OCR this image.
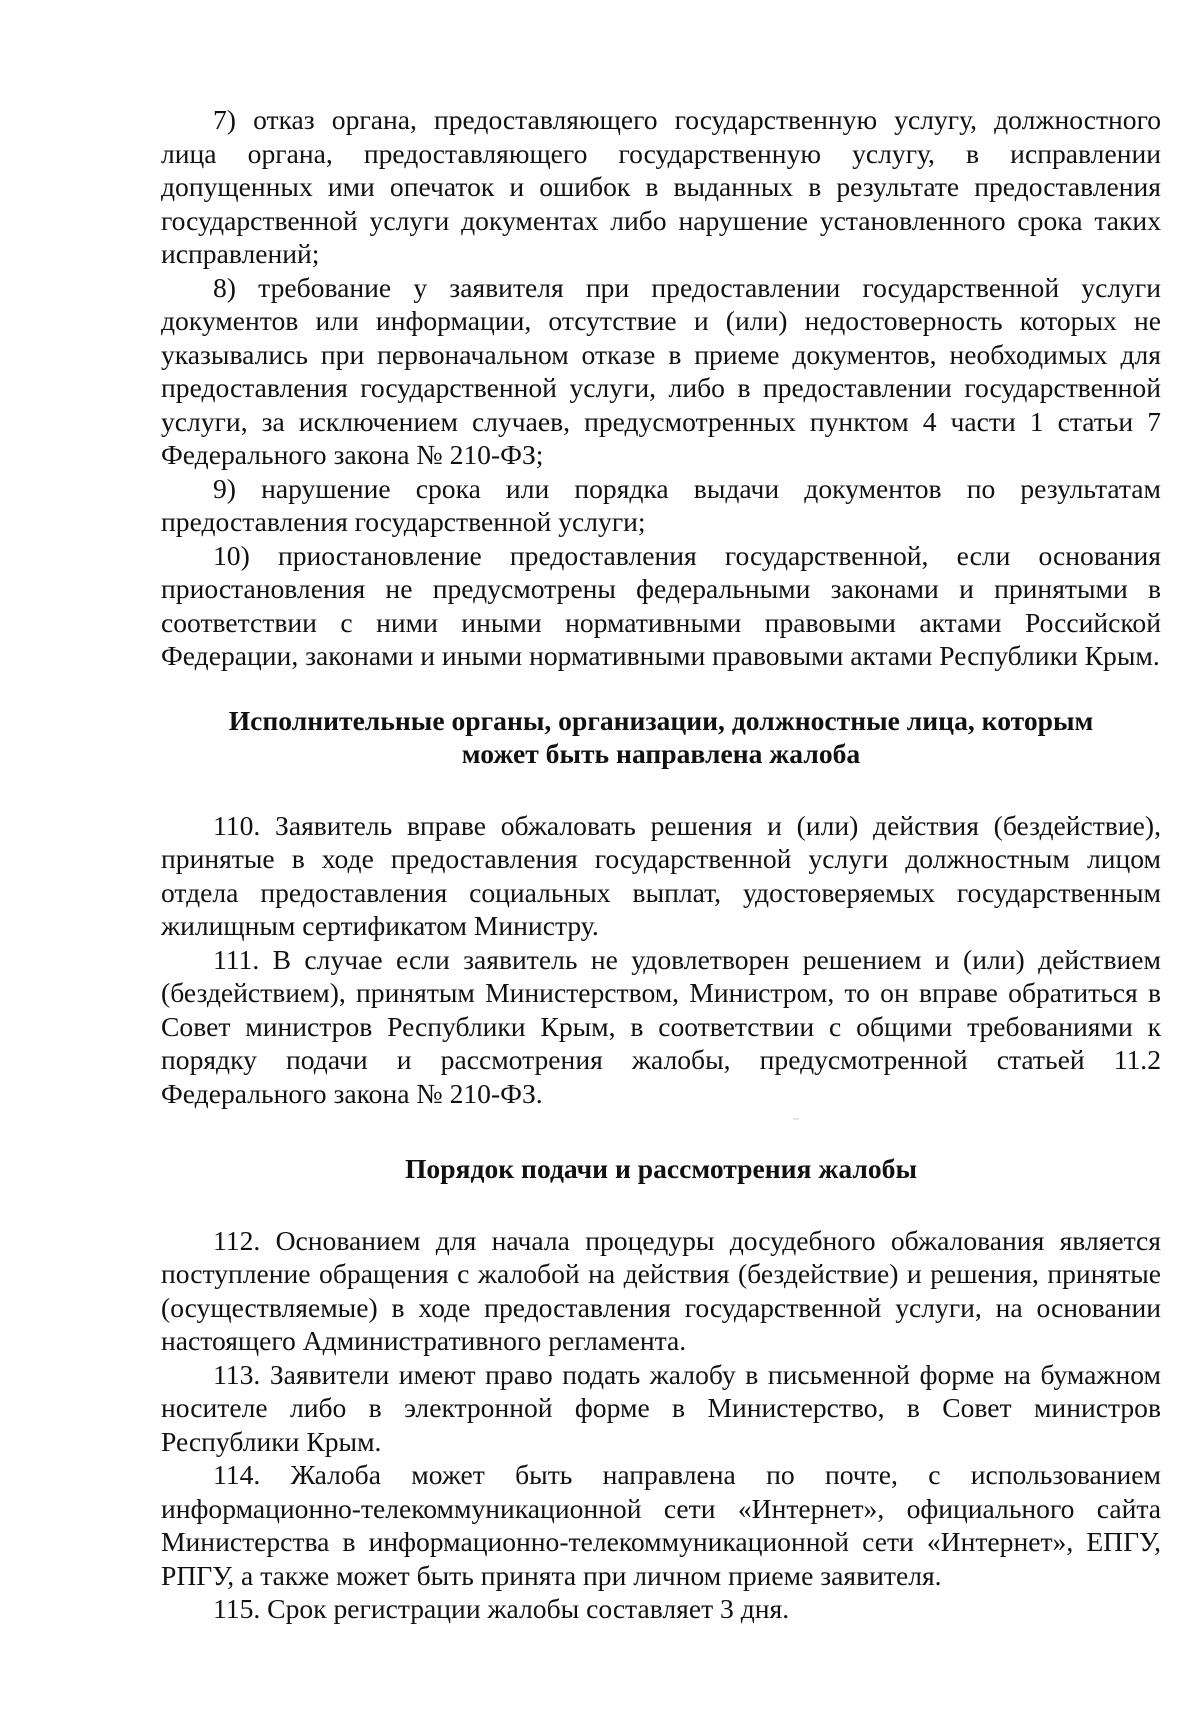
7) отказ органа, предоставляющего государственную услугу, должностного лица органа, предоставляющего государственную услугу, в исправлении допущенных ими опечаток и ошибок в выданных в результате предоставления государственной услуги документах либо нарушение установленного срока таких исправлений;

8) требование у заявителя при предоставлении государственной услуги документов или информации, отсутствие и (или) недостоверность которых не указывались при первоначальном отказе в приеме документов, необходимых для предоставления государственной услуги, либо в предоставлении государственной услуги, за исключением случаев, предусмотренных пунктом 4 части 1 статьи 7 Федерального закона № 210-ФЗ;

9) нарушение срока или порядка выдачи документов по результатам предоставления государственной услуги;

10) приостановление предоставления государственной, если основания приостановления не предусмотрены федеральными законами и принятыми в соответствии с ними иными нормативными правовыми актами Российской Федерации, законами и иными нормативными правовыми актами Республики Крым.

Исполнительные органы, организации, должностные лица, которым может быть направлена жалоба

110. Заявитель вправе обжаловать решения и (или) действия (бездействие), принятые в ходе предоставления государственной услуги должностным лицом отдела предоставления социальных выплат, удостоверяемых государственным жилищным сертификатом Министру.

111. В случае если заявитель не удовлетворен решением и (или) действием (бездействием), принятым Министерством, Министром, то он вправе обратиться в Совет министров Республики Крым, в соответствии с общими требованиями к порядку подачи и рассмотрения жалобы, предусмотренной статьей 11.2 Федерального закона № 210-ФЗ.

Порядок подачи и рассмотрения жалобы

112. Основанием для начала процедуры досудебного обжалования является поступление обращения с жалобой на действия (бездействие) и решения, принятые (осуществляемые) в ходе предоставления государственной услуги, на основании настоящего Административного регламента.

113. Заявители имеют право подать жалобу в письменной форме на бумажном носителе либо в электронной форме в Министерство, в Совет министров Республики Крым.

114. Жалоба может быть направлена по почте, с использованием информационно-телекоммуникационной сети «Интернет», официального сайта Министерства в информационно-телекоммуникационной сети «Интернет», ЕПГУ, РПГУ, а также может быть принята при личном приеме заявителя.

115. Срок регистрации жалобы составляет 3 дня.
